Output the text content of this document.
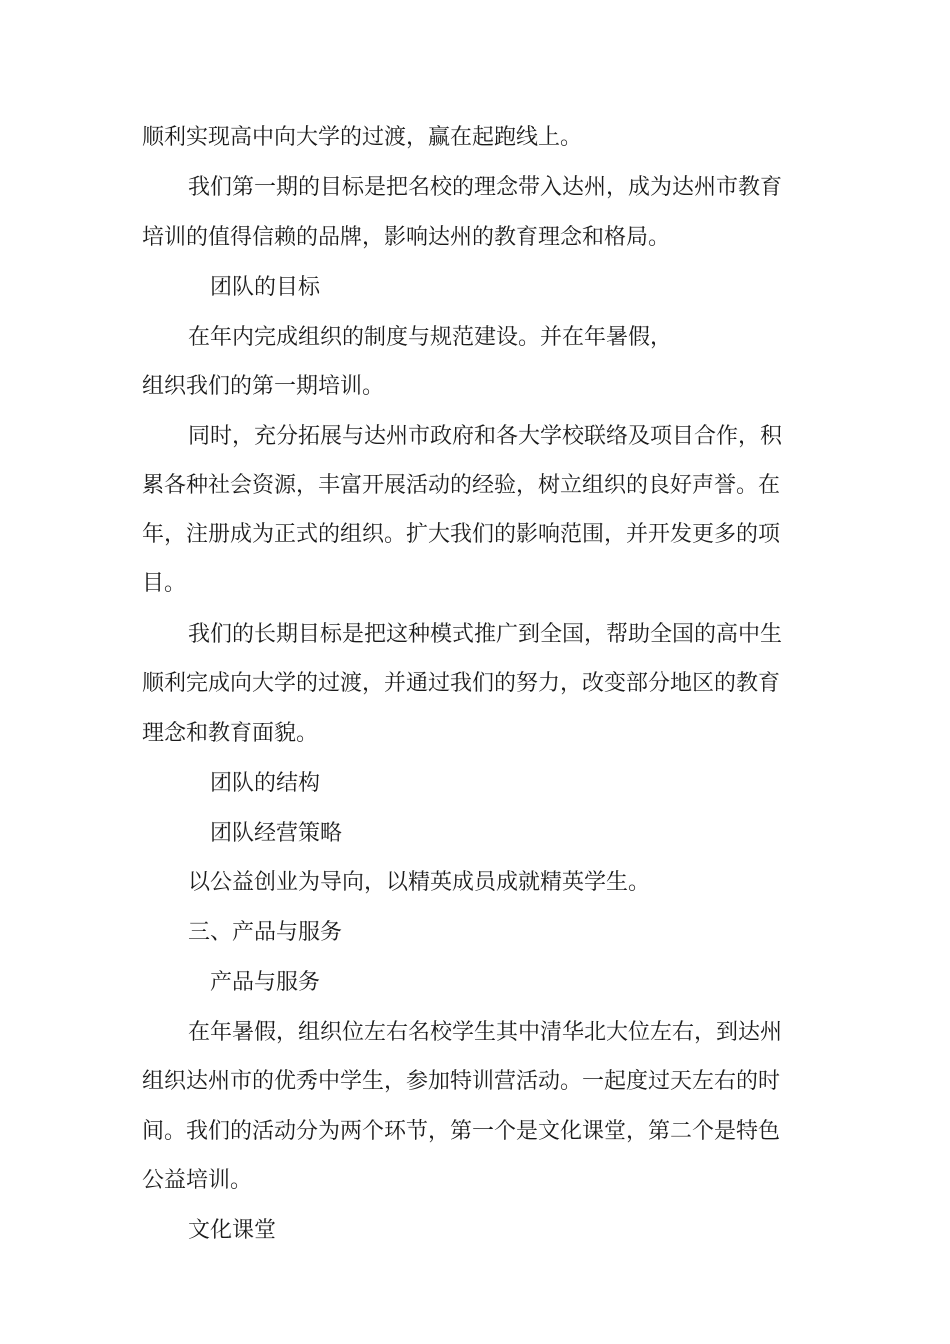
顺利实现高中向大学的过渡，赢在起跑线上。

我们第一期的目标是把名校的理念带入达州，成为达州市教育

培训的值得信赖的品牌，影响达州的教育理念和格局。

团队的目标

在年内完成组织的制度与规范建设。并在年暑假，

组织我们的第一期培训。

同时，充分拓展与达州市政府和各大学校联络及项目合作，积

累各种社会资源，丰富开展活动的经验，树立组织的良好声誉。在

年，注册成为正式的组织。扩大我们的影响范围，并开发更多的项

目。

我们的长期目标是把这种模式推广到全国，帮助全国的高中生

顺利完成向大学的过渡，并通过我们的努力，改变部分地区的教育

理念和教育面貌。

团队的结构

团队经营策略

以公益创业为导向，以精英成员成就精英学生。

三、产品与服务

产品与服务

在年暑假，组织位左右名校学生其中清华北大位左右，到达州

组织达州市的优秀中学生，参加特训营活动。一起度过天左右的时

间。我们的活动分为两个环节，第一个是文化课堂，第二个是特色

公益培训。

文化课堂
